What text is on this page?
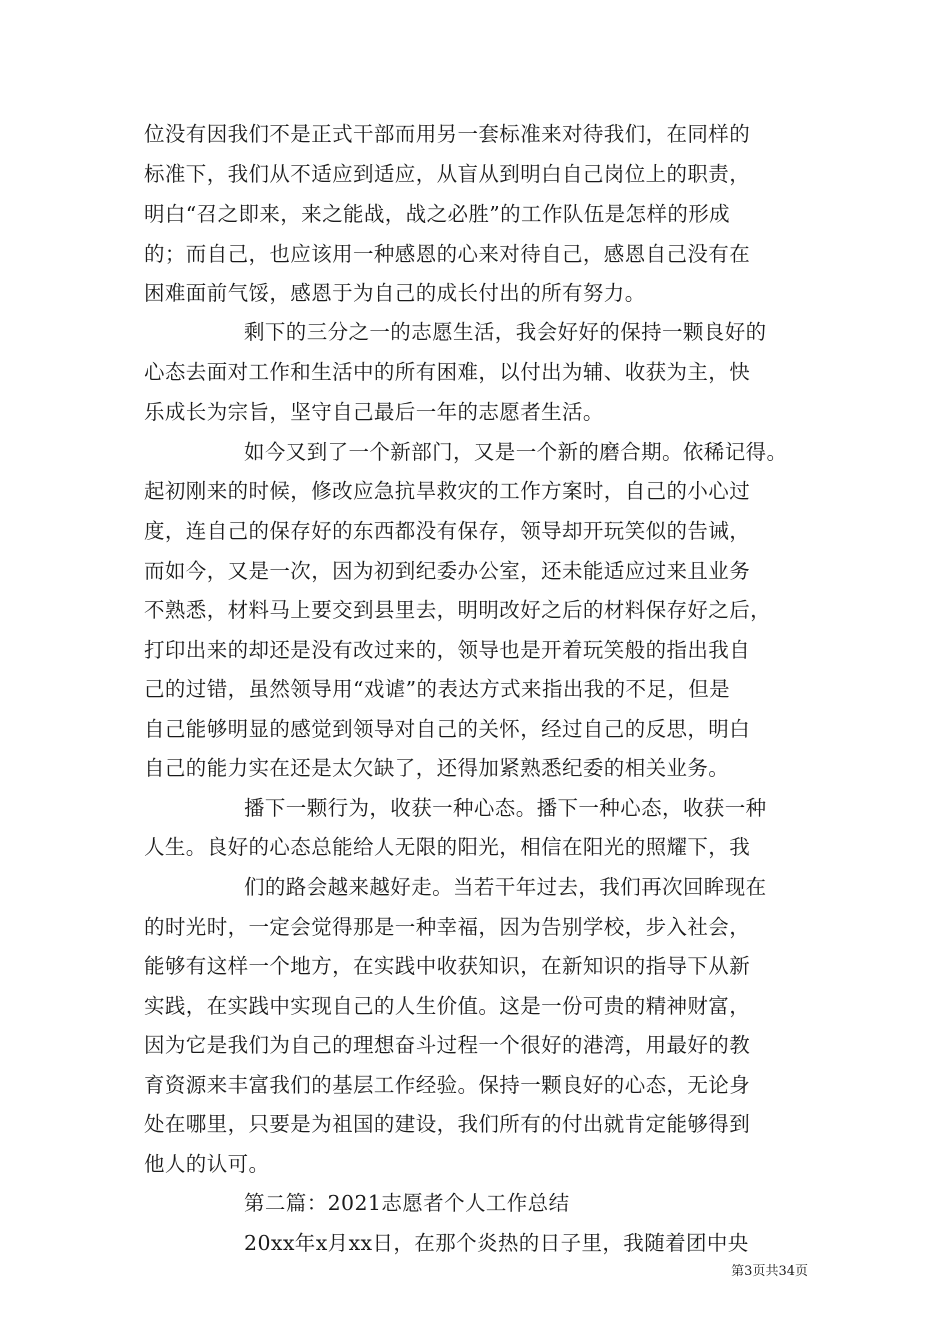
位没有因我们不是正式干部而用另一套标准来对待我们，在同样的
标准下，我们从不适应到适应，从盲从到明白自己岗位上的职责，
明白“召之即来，来之能战，战之必胜”的工作队伍是怎样的形成
的；而自己，也应该用一种感恩的心来对待自己，感恩自己没有在
困难面前气馁，感恩于为自己的成长付出的所有努力。
剩下的三分之一的志愿生活，我会好好的保持一颗良好的
心态去面对工作和生活中的所有困难，以付出为辅、收获为主，快
乐成长为宗旨，坚守自己最后一年的志愿者生活。
如今又到了一个新部门，又是一个新的磨合期。依稀记得。
起初刚来的时候，修改应急抗旱救灾的工作方案时，自己的小心过
度，连自己的保存好的东西都没有保存，领导却开玩笑似的告诫，
而如今，又是一次，因为初到纪委办公室，还未能适应过来且业务
不熟悉，材料马上要交到县里去，明明改好之后的材料保存好之后，
打印出来的却还是没有改过来的，领导也是开着玩笑般的指出我自
己的过错，虽然领导用“戏谑”的表达方式来指出我的不足，但是
自己能够明显的感觉到领导对自己的关怀，经过自己的反思，明白
自己的能力实在还是太欠缺了，还得加紧熟悉纪委的相关业务。
播下一颗行为，收获一种心态。播下一种心态，收获一种
人生。良好的心态总能给人无限的阳光，相信在阳光的照耀下，我
们的路会越来越好走。当若干年过去，我们再次回眸现在
的时光时，一定会觉得那是一种幸福，因为告别学校，步入社会，
能够有这样一个地方，在实践中收获知识，在新知识的指导下从新
实践，在实践中实现自己的人生价值。这是一份可贵的精神财富，
因为它是我们为自己的理想奋斗过程一个很好的港湾，用最好的教
育资源来丰富我们的基层工作经验。保持一颗良好的心态，无论身
处在哪里，只要是为祖国的建设，我们所有的付出就肯定能够得到
他人的认可。
第二篇：2021志愿者个人工作总结
20xx年x月xx日，在那个炎热的日子里，我随着团中央
第3页共34页
